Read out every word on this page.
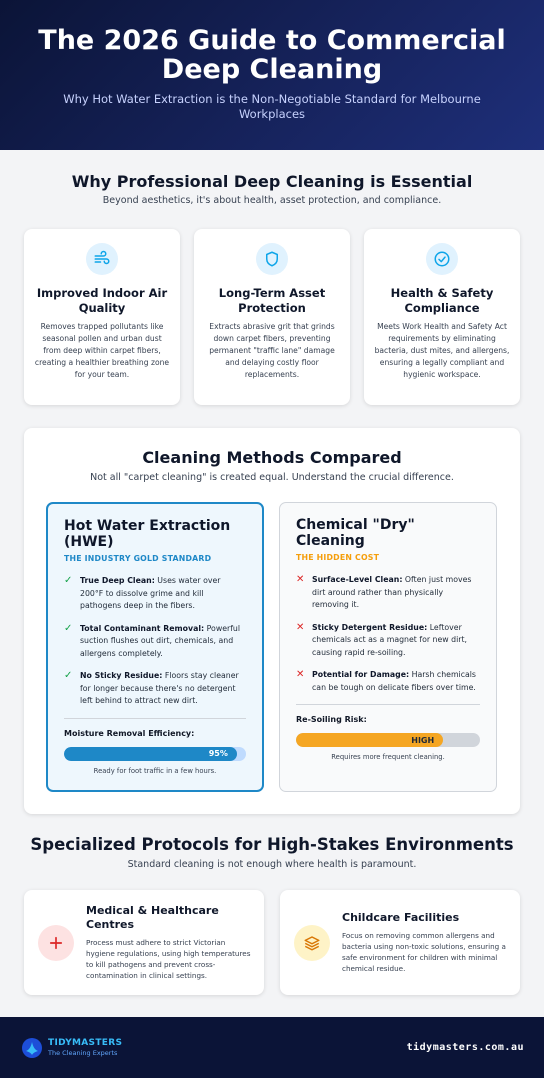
The 2026 Guide to Commercial Deep Cleaning

Why Hot Water Extraction is the Non-Negotiable Standard for Melbourne Workplaces

Why Professional Deep Cleaning is Essential
Beyond aesthetics, it's about health, asset protection, and compliance.
Improved Indoor Air Quality

Removes trapped pollutants like seasonal pollen and urban dust from deep within carpet fibers, creating a healthier breathing zone for your team.

Long-Term Asset Protection

Extracts abrasive grit that grinds down carpet fibers, preventing permanent "traffic lane" damage and delaying costly floor replacements.

Health & Safety Compliance

Meets Work Health and Safety Act requirements by eliminating bacteria, dust mites, and allergens, ensuring a legally compliant and hygienic workspace.

Cleaning Methods Compared
Not all "carpet cleaning" is created equal. Understand the crucial difference.
Hot Water Extraction (HWE)
THE INDUSTRY GOLD STANDARD
✓ True Deep Clean: Uses water over 200°F to dissolve grime and kill pathogens deep in the fibers.
✓ Total Contaminant Removal: Powerful suction flushes out dirt, chemicals, and allergens completely.
✓ No Sticky Residue: Floors stay cleaner for longer because there's no detergent left behind to attract new dirt.
Moisture Removal Efficiency:
95%
Ready for foot traffic in a few hours.
Chemical "Dry" Cleaning
THE HIDDEN COST
✕ Surface-Level Clean: Often just moves dirt around rather than physically removing it.
✕ Sticky Detergent Residue: Leftover chemicals act as a magnet for new dirt, causing rapid re-soiling.
✕ Potential for Damage: Harsh chemicals can be tough on delicate fibers over time.
Re-Soiling Risk:
HIGH
Requires more frequent cleaning.
Specialized Protocols for High-Stakes Environments
Standard cleaning is not enough where health is paramount.
Medical & Healthcare Centres

Process must adhere to strict Victorian hygiene regulations, using high temperatures to kill pathogens and prevent cross-contamination in clinical settings.

Childcare Facilities

Focus on removing common allergens and bacteria using non-toxic solutions, ensuring a safe environment for children with minimal chemical residue.

TIDYMASTERS
The Cleaning Experts	tidymasters.com.au
